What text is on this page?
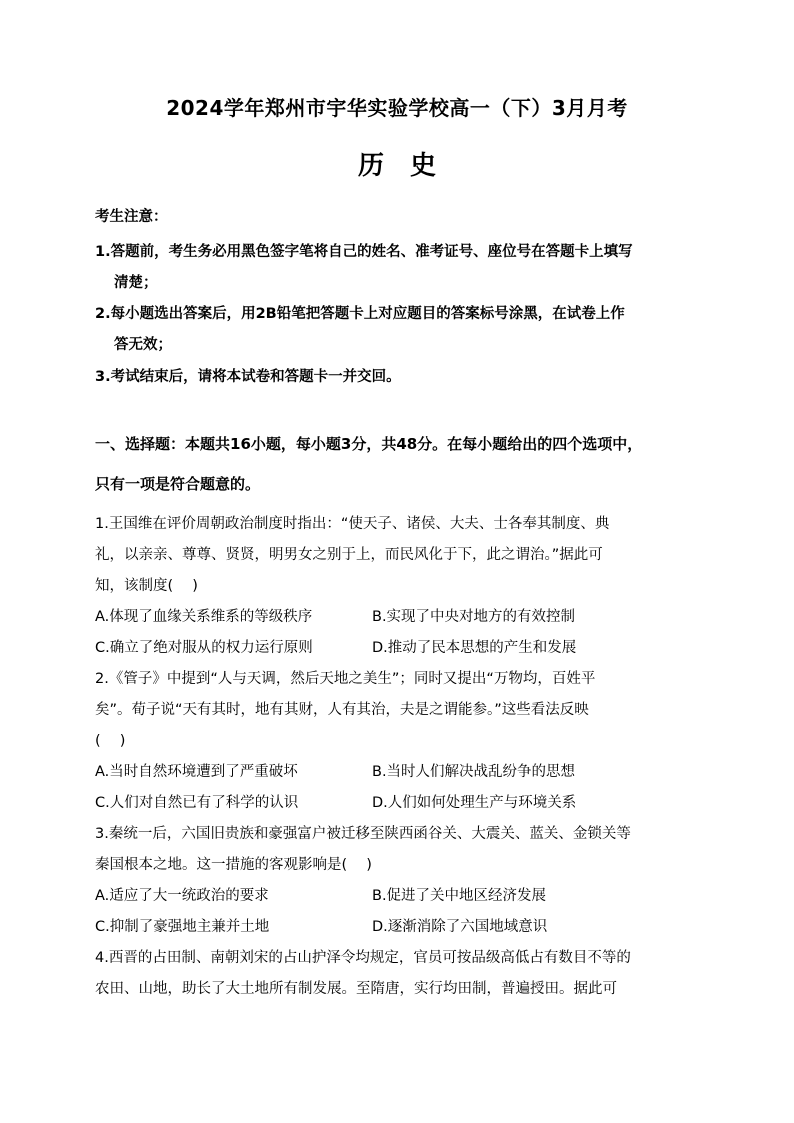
2024学年郑州市宇华实验学校高一（下）3月月考
历史
考生注意：
1.答题前，考生务必用黑色签字笔将自己的姓名、准考证号、座位号在答题卡上填写
清楚；
2.每小题选出答案后，用2B铅笔把答题卡上对应题目的答案标号涂黑，在试卷上作
答无效；
3.考试结束后，请将本试卷和答题卡一并交回。
一、选择题：本题共16小题，每小题3分，共48分。在每小题给出的四个选项中，
只有一项是符合题意的。
1.王国维在评价周朝政治制度时指出：“使天子、诸侯、大夫、士各奉其制度、典
礼，以亲亲、尊尊、贤贤，明男女之别于上，而民风化于下，此之谓治。”据此可
知，该制度(　 )
A.体现了血缘关系维系的等级秩序	B.实现了中央对地方的有效控制
C.确立了绝对服从的权力运行原则	D.推动了民本思想的产生和发展
2.《管子》中提到“人与天调，然后天地之美生”；同时又提出“万物均，百姓平
矣”。荀子说“天有其时，地有其财，人有其治，夫是之谓能参。”这些看法反映
(　 )
A.当时自然环境遭到了严重破坏	B.当时人们解决战乱纷争的思想
C.人们对自然已有了科学的认识	D.人们如何处理生产与环境关系
3.秦统一后，六国旧贵族和豪强富户被迁移至陕西函谷关、大震关、蓝关、金锁关等
秦国根本之地。这一措施的客观影响是(　 )
A.适应了大一统政治的要求	B.促进了关中地区经济发展
C.抑制了豪强地主兼并土地	D.逐渐消除了六国地域意识
4.西晋的占田制、南朝刘宋的占山护泽令均规定，官员可按品级高低占有数目不等的
农田、山地，助长了大土地所有制发展。至隋唐，实行均田制，普遍授田。据此可
